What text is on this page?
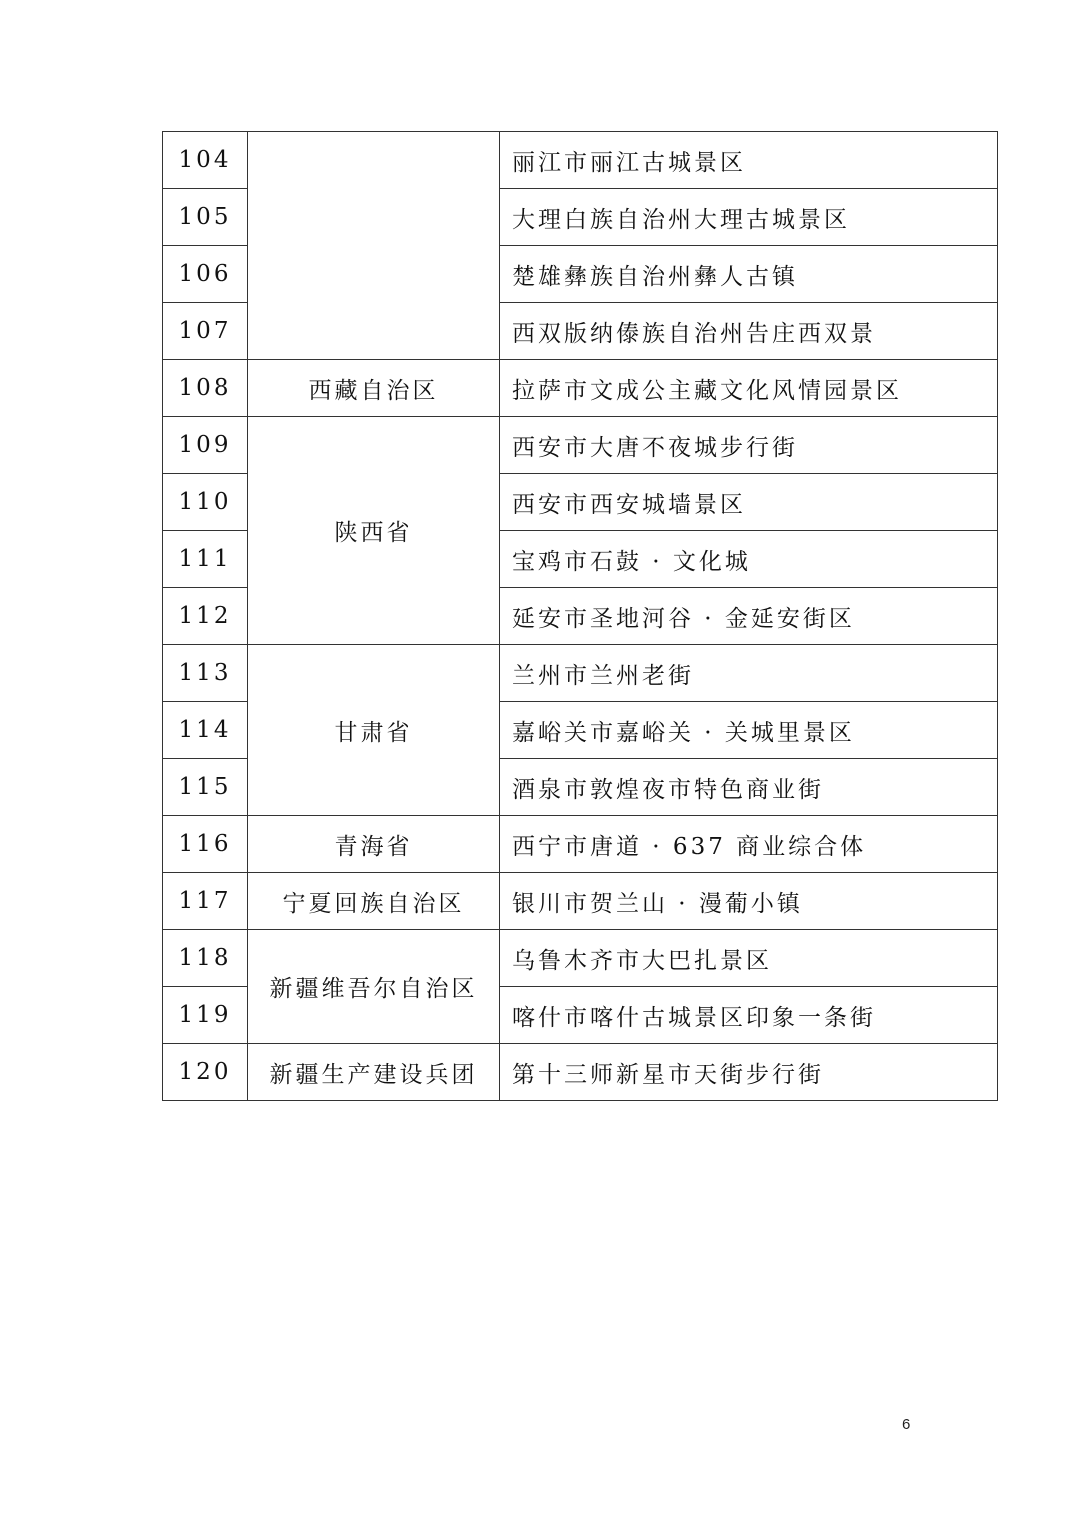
104		丽江市丽江古城景区
105		大理白族自治州大理古城景区
106		楚雄彝族自治州彝人古镇
107		西双版纳傣族自治州告庄西双景
108	西藏自治区	拉萨市文成公主藏文化风情园景区
109	陕西省	西安市大唐不夜城步行街
110		西安市西安城墙景区
111		宝鸡市石鼓 · 文化城
112		延安市圣地河谷 · 金延安街区
113	甘肃省	兰州市兰州老街
114		嘉峪关市嘉峪关 · 关城里景区
115		酒泉市敦煌夜市特色商业街
116	青海省	西宁市唐道 · 637 商业综合体
117	宁夏回族自治区	银川市贺兰山 · 漫葡小镇
118	新疆维吾尔自治区	乌鲁木齐市大巴扎景区
119		喀什市喀什古城景区印象一条街
120	新疆生产建设兵团	第十三师新星市天街步行街
6
